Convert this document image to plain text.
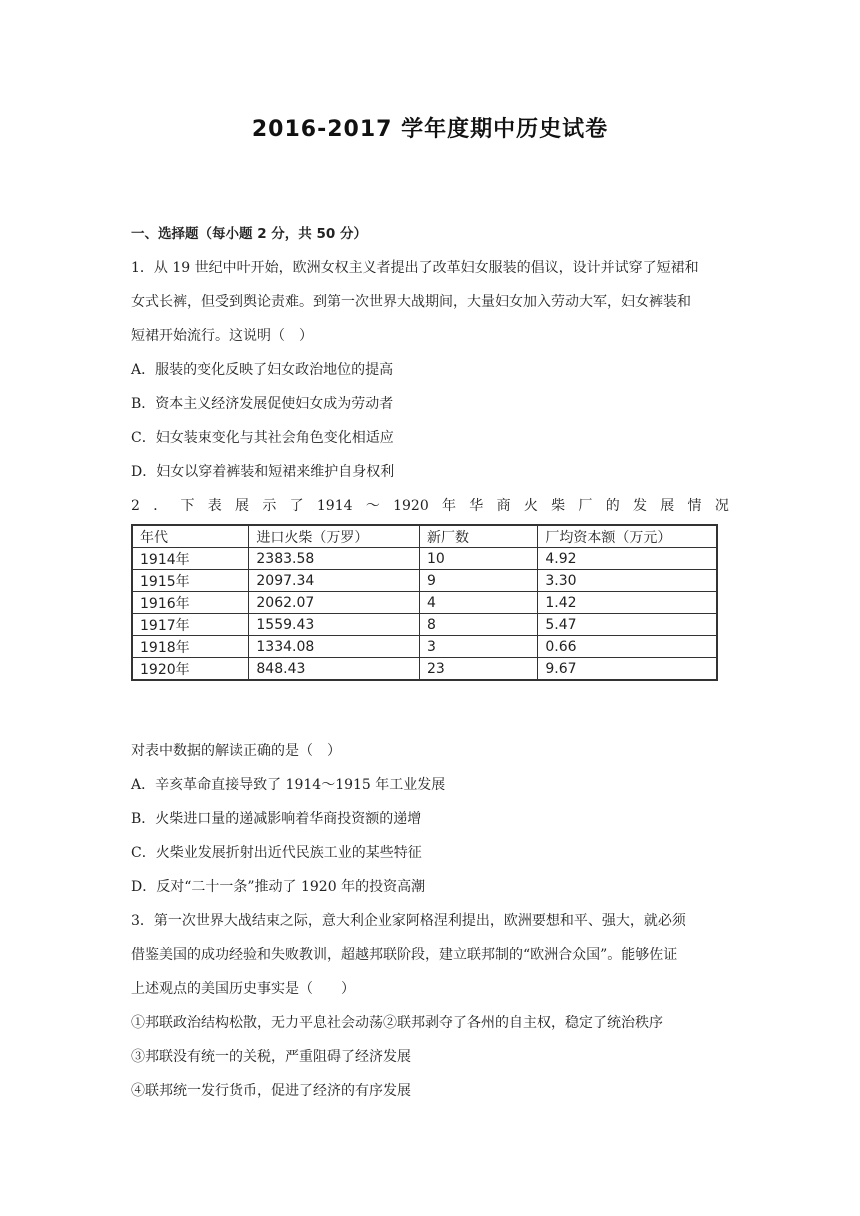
2016-2017 学年度期中历史试卷
一、选择题（每小题 2 分，共 50 分）
1．从 19 世纪中叶开始，欧洲女权主义者提出了改革妇女服装的倡议，设计并试穿了短裙和
女式长裤，但受到舆论责难。到第一次世界大战期间，大量妇女加入劳动大军，妇女裤装和
短裙开始流行。这说明（　）
A．服装的变化反映了妇女政治地位的提高
B．资本主义经济发展促使妇女成为劳动者
C．妇女装束变化与其社会角色变化相适应
D．妇女以穿着裤装和短裙来维护自身权利
2 ． 下 表 展 示 了 1914 ～ 1920 年 华 商 火 柴 厂 的 发 展 情 况
年代	进口火柴（万罗）	新厂数	厂均资本额（万元）
1914年	2383.58	10	4.92
1915年	2097.34	9	3.30
1916年	2062.07	4	1.42
1917年	1559.43	8	5.47
1918年	1334.08	3	0.66
1920年	848.43	23	9.67
对表中数据的解读正确的是（　）
A．辛亥革命直接导致了 1914～1915 年工业发展
B．火柴进口量的递减影响着华商投资额的递增
C．火柴业发展折射出近代民族工业的某些特征
D．反对“二十一条”推动了 1920 年的投资高潮
3．第一次世界大战结束之际，意大利企业家阿格涅利提出，欧洲要想和平、强大，就必须
借鉴美国的成功经验和失败教训，超越邦联阶段，建立联邦制的“欧洲合众国”。能够佐证
上述观点的美国历史事实是（　　）
①邦联政治结构松散，无力平息社会动荡②联邦剥夺了各州的自主权，稳定了统治秩序
③邦联没有统一的关税，严重阻碍了经济发展
④联邦统一发行货币，促进了经济的有序发展
